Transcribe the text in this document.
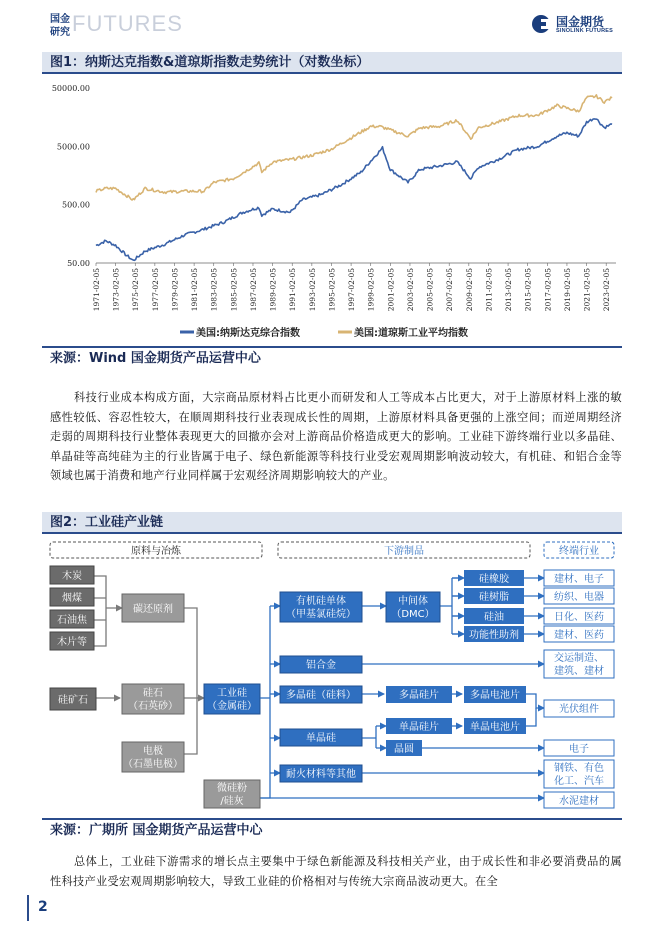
国金
研究 FUTURES	国金期货
SINOLINK FUTURES
图1：纳斯达克指数&道琼斯指数走势统计（对数坐标）
50000.00
5000.00
500.00
50.00
1971-02-05 1973-02-05 1975-02-05 1977-02-05 1979-02-05 1981-02-05 1983-02-05 1985-02-05 1987-02-05 1989-02-05 1991-02-05 1993-02-05 1995-02-05 1997-02-05 1999-02-05 2001-02-05 2003-02-05 2005-02-05 2007-02-05 2009-02-05 2011-02-05 2013-02-05 2015-02-05 2017-02-05 2019-02-05 2021-02-05 2023-02-05
美国:纳斯达克综合指数	美国:道琼斯工业平均指数
来源：Wind 国金期货产品运营中心
科技行业成本构成方面，大宗商品原材料占比更小而研发和人工等成本占比更大，对于上游原材料上涨的敏感性较低、容忍性较大，在顺周期科技行业表现成长性的周期，上游原材料具备更强的上涨空间；而逆周期经济走弱的周期科技行业整体表现更大的回撤亦会对上游商品价格造成更大的影响。工业硅下游终端行业以多晶硅、单晶硅等高纯硅为主的行业皆属于电子、绿色新能源等科技行业受宏观周期影响波动较大，有机硅、和铝合金等领域也属于消费和地产行业同样属于宏观经济周期影响较大的产业。
图2：工业硅产业链
原料与冶炼	下游制品	终端行业
木炭
烟煤
石油焦
木片等
碳还原剂
硅矿石
硅石
（石英砂）
电极
（石墨电极）
工业硅
（金属硅）
有机硅单体
（甲基氯硅烷）
中间体
（DMC）
硅橡胶
硅树脂
硅油
功能性助剂
建材、电子
纺织、电器
日化、医药
建材、医药
铝合金
交运制造、
建筑、建材
多晶硅（硅料）	多晶硅片	多晶电池片
光伏组件
单晶硅
单晶硅片	单晶电池片
晶圆	电子
耐火材料等其他
钢铁、有色
化工、汽车
微硅粉
/硅灰	水泥建材
来源：广期所 国金期货产品运营中心
总体上，工业硅下游需求的增长点主要集中于绿色新能源及科技相关产业，由于成长性和非必要消费品的属性科技产业受宏观周期影响较大，导致工业硅的价格相对与传统大宗商品波动更大。在全
2
